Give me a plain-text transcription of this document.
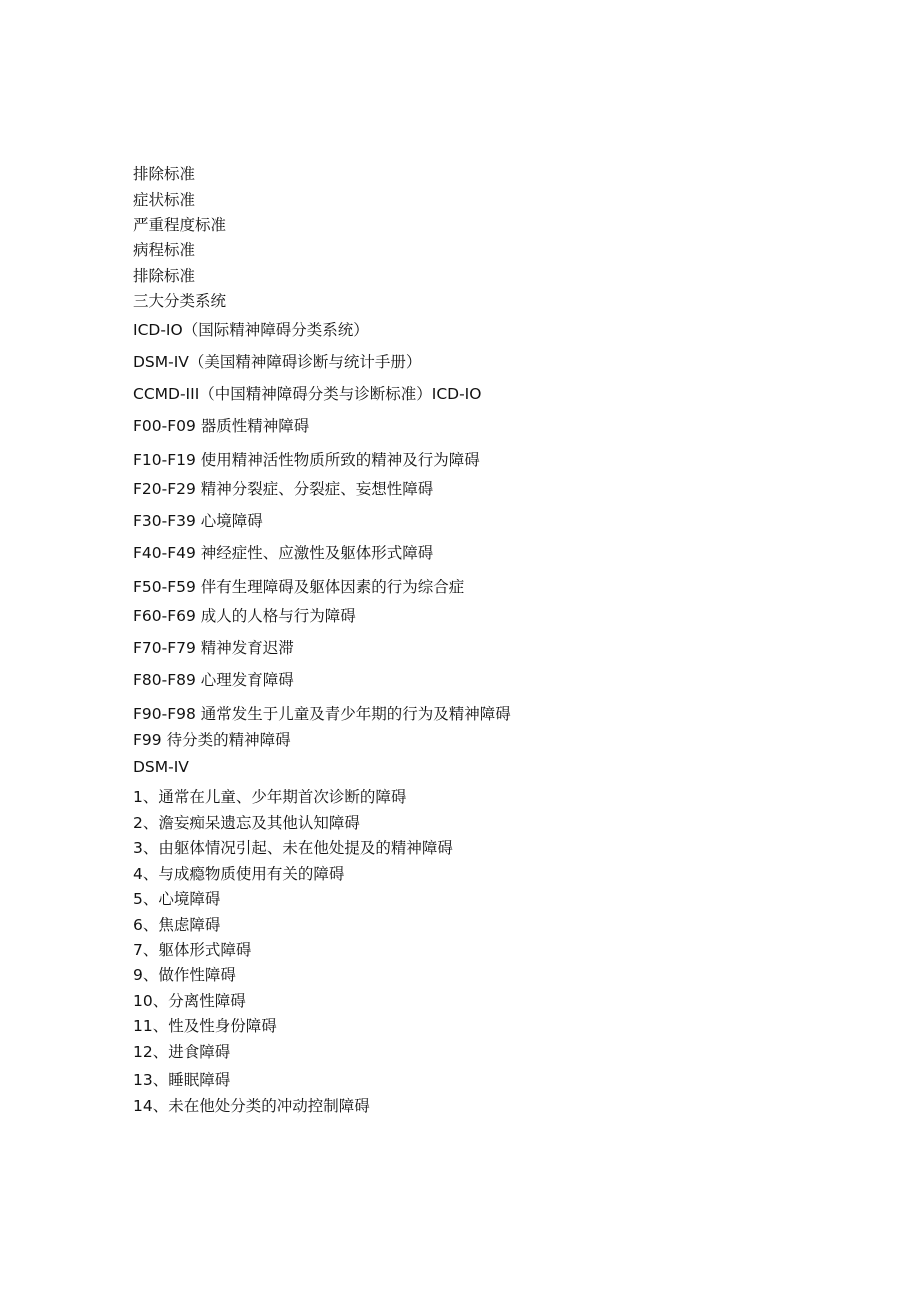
排除标准
症状标准
严重程度标准
病程标准
排除标准
三大分类系统
ICD-IO（国际精神障碍分类系统）
DSM-IV（美国精神障碍诊断与统计手册）
CCMD-III（中国精神障碍分类与诊断标准）ICD-IO
F00-F09 器质性精神障碍
F10-F19 使用精神活性物质所致的精神及行为障碍
F20-F29 精神分裂症、分裂症、妄想性障碍
F30-F39 心境障碍
F40-F49 神经症性、应激性及躯体形式障碍
F50-F59 伴有生理障碍及躯体因素的行为综合症
F60-F69 成人的人格与行为障碍
F70-F79 精神发育迟滞
F80-F89 心理发育障碍
F90-F98 通常发生于儿童及青少年期的行为及精神障碍
F99 待分类的精神障碍
DSM-IV
1、通常在儿童、少年期首次诊断的障碍
2、澹妄痴呆遗忘及其他认知障碍
3、由躯体情况引起、未在他处提及的精神障碍
4、与成瘾物质使用有关的障碍
5、心境障碍
6、焦虑障碍
7、躯体形式障碍
9、做作性障碍
10、分离性障碍
11、性及性身份障碍
12、进食障碍
13、睡眠障碍
14、未在他处分类的冲动控制障碍
